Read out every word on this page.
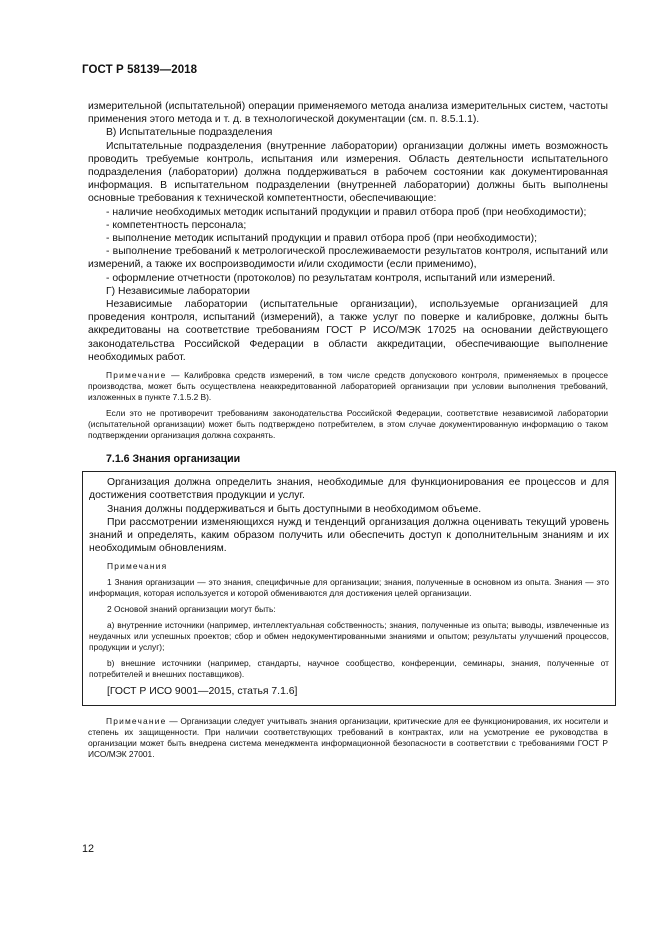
ГОСТ Р 58139—2018

измерительной (испытательной) операции применяемого метода анализа измерительных систем, частоты применения этого метода и т. д. в технологической документации (см. п. 8.5.1.1).

В) Испытательные подразделения

Испытательные подразделения (внутренние лаборатории) организации должны иметь возможность проводить требуемые контроль, испытания или измерения. Область деятельности испытательного подразделения (лаборатории) должна поддерживаться в рабочем состоянии как документированная информация. В испытательном подразделении (внутренней лаборатории) должны быть выполнены основные требования к технической компетентности, обеспечивающие:

- наличие необходимых методик испытаний продукции и правил отбора проб (при необходимости);

- компетентность персонала;

- выполнение методик испытаний продукции и правил отбора проб (при необходимости);

- выполнение требований к метрологической прослеживаемости результатов контроля, испытаний или измерений, а также их воспроизводимости и/или сходимости (если применимо),

- оформление отчетности (протоколов) по результатам контроля, испытаний или измерений.

Г) Независимые лаборатории

Независимые лаборатории (испытательные организации), используемые организацией для проведения контроля, испытаний (измерений), а также услуг по поверке и калибровке, должны быть аккредитованы на соответствие требованиям ГОСТ Р ИСО/МЭК 17025 на основании действующего законодательства Российской Федерации в области аккредитации, обеспечивающие выполнение необходимых работ.

Примечание — Калибровка средств измерений, в том числе средств допускового контроля, применяемых в процессе производства, может быть осуществлена неаккредитованной лабораторией организации при условии выполнения требований, изложенных в пункте 7.1.5.2 В).

Если это не противоречит требованиям законодательства Российской Федерации, соответствие независимой лаборатории (испытательной организации) может быть подтверждено потребителем, в этом случае документированную информацию о таком подтверждении организация должна сохранять.

7.1.6 Знания организации

Организация должна определить знания, необходимые для функционирования ее процессов и для достижения соответствия продукции и услуг.

Знания должны поддерживаться и быть доступными в необходимом объеме.

При рассмотрении изменяющихся нужд и тенденций организация должна оценивать текущий уровень знаний и определять, каким образом получить или обеспечить доступ к дополнительным знаниям и их необходимым обновлениям.

Примечания

1 Знания организации — это знания, специфичные для организации; знания, полученные в основном из опыта. Знания — это информация, которая используется и которой обмениваются для достижения целей организации.

2 Основой знаний организации могут быть:

а) внутренние источники (например, интеллектуальная собственность; знания, полученные из опыта; выводы, извлеченные из неудачных или успешных проектов; сбор и обмен недокументированными знаниями и опытом; результаты улучшений процессов, продукции и услуг);

b) внешние источники (например, стандарты, научное сообщество, конференции, семинары, знания, полученные от потребителей и внешних поставщиков).

[ГОСТ Р ИСО 9001—2015, статья 7.1.6]

Примечание — Организации следует учитывать знания организации, критические для ее функционирования, их носители и степень их защищенности. При наличии соответствующих требований в контрактах, или на усмотрение ее руководства в организации может быть внедрена система менеджмента информационной безопасности в соответствии с требованиями ГОСТ Р ИСО/МЭК 27001.

12
